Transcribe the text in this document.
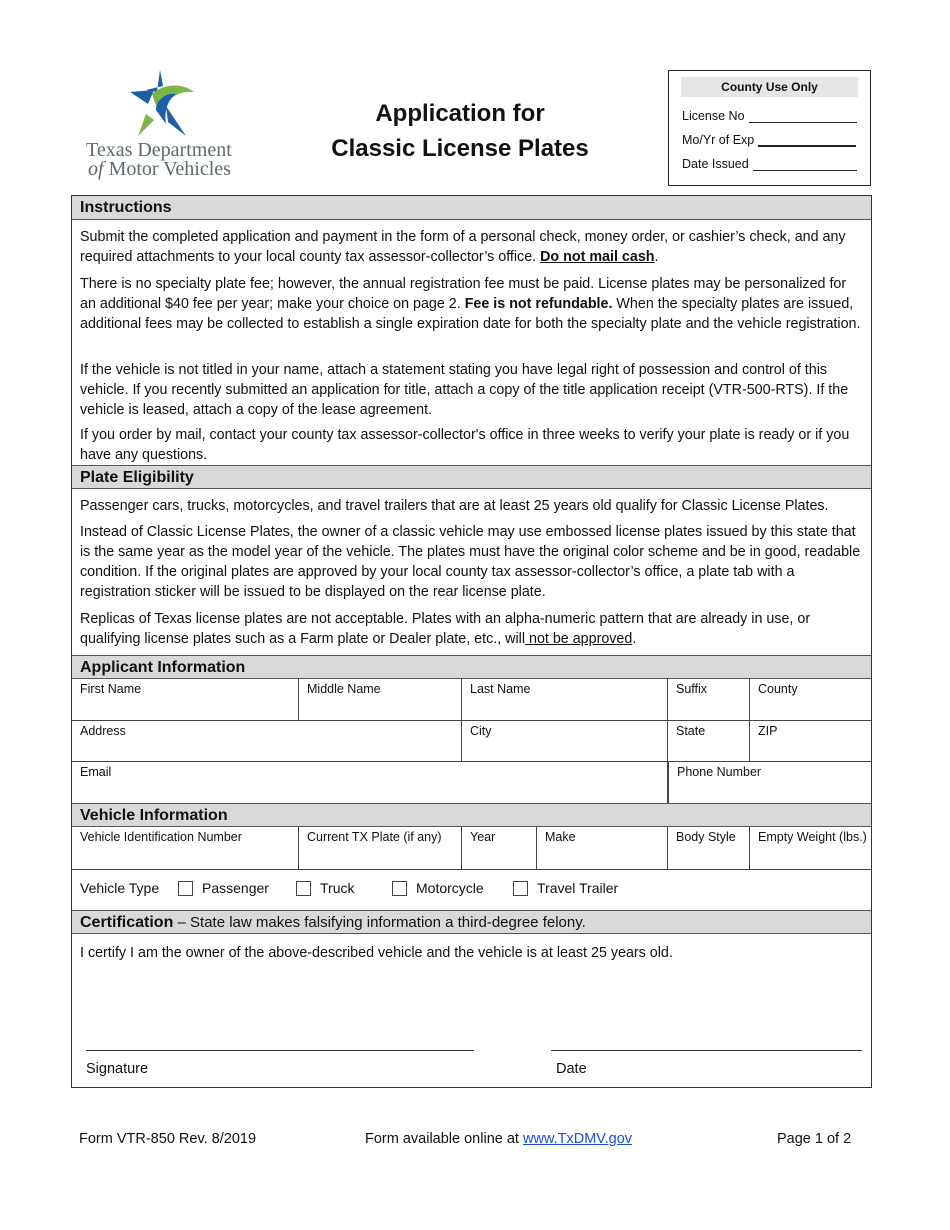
Texas Department
of Motor Vehicles
Application for
Classic License Plates
County Use Only
License No
Mo/Yr of Exp
Date Issued
Instructions
Submit the completed application and payment in the form of a personal check, money order, or cashier’s check, and any required attachments to your local county tax assessor-collector’s office. Do not mail cash.
There is no specialty plate fee; however, the annual registration fee must be paid. License plates may be personalized for an additional $40 fee per year; make your choice on page 2. Fee is not refundable. When the specialty plates are issued, additional fees may be collected to establish a single expiration date for both the specialty plate and the vehicle registration.
If the vehicle is not titled in your name, attach a statement stating you have legal right of possession and control of this vehicle. If you recently submitted an application for title, attach a copy of the title application receipt (VTR-500-RTS). If the vehicle is leased, attach a copy of the lease agreement.
If you order by mail, contact your county tax assessor-collector's office in three weeks to verify your plate is ready or if you have any questions.
Plate Eligibility
Passenger cars, trucks, motorcycles, and travel trailers that are at least 25 years old qualify for Classic License Plates.
Instead of Classic License Plates, the owner of a classic vehicle may use embossed license plates issued by this state that is the same year as the model year of the vehicle. The plates must have the original color scheme and be in good, readable condition. If the original plates are approved by your local county tax assessor-collector’s office, a plate tab with a registration sticker will be issued to be displayed on the rear license plate.
Replicas of Texas license plates are not acceptable. Plates with an alpha-numeric pattern that are already in use, or qualifying license plates such as a Farm plate or Dealer plate, etc., will not be approved.
Applicant Information
First Name	Middle Name	Last Name	Suffix	County
Address	City	State	ZIP
Email	Phone Number
Vehicle Information
Vehicle Identification Number	Current TX Plate (if any)	Year	Make	Body Style	Empty Weight (lbs.)
Vehicle Type	Passenger	Truck	Motorcycle	Travel Trailer
Certification – State law makes falsifying information a third-degree felony.
I certify I am the owner of the above-described vehicle and the vehicle is at least 25 years old.
Signature	Date
Form VTR-850 Rev. 8/2019	Form available online at www.TxDMV.gov	Page 1 of 2
